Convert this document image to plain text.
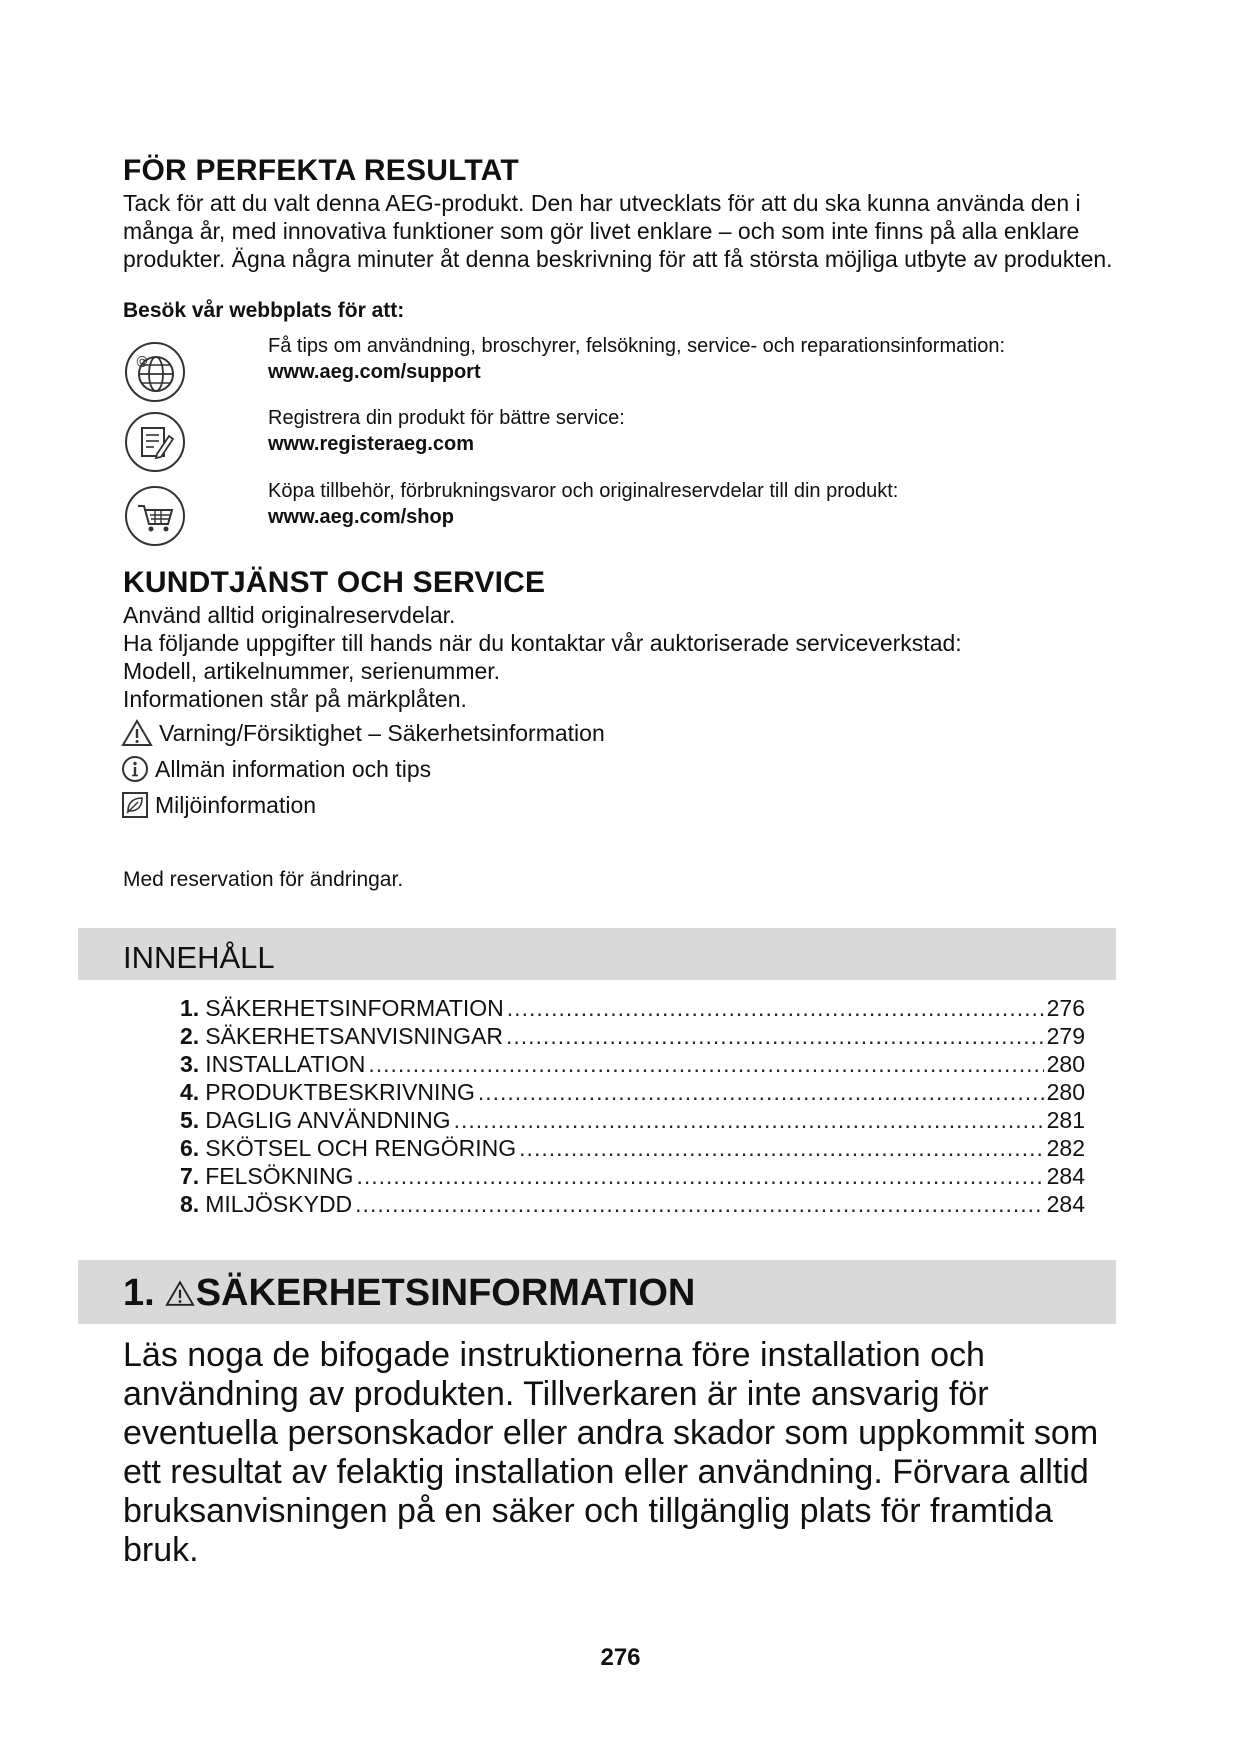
FÖR PERFEKTA RESULTAT
Tack för att du valt denna AEG-produkt. Den har utvecklats för att du ska kunna använda den i många år, med innovativa funktioner som gör livet enklare – och som inte finns på alla enklare produkter. Ägna några minuter åt denna beskrivning för att få största möjliga utbyte av produkten.
Besök vår webbplats för att:
@
Få tips om användning, broschyrer, felsökning, service- och reparationsinformation:
www.aeg.com/support
Registrera din produkt för bättre service:
www.registeraeg.com
Köpa tillbehör, förbrukningsvaror och originalreservdelar till din produkt:
www.aeg.com/shop
KUNDTJÄNST OCH SERVICE
Använd alltid originalreservdelar.
Ha följande uppgifter till hands när du kontaktar vår auktoriserade serviceverkstad:
Modell, artikelnummer, serienummer.
Informationen står på märkplåten.
Varning/Försiktighet – Säkerhetsinformation
Allmän information och tips
Miljöinformation
Med reservation för ändringar.
INNEHÅLL
1. SÄKERHETSINFORMATION .....	276
2. SÄKERHETSANVISNINGAR .....	279
3. INSTALLATION .....	280
4. PRODUKTBESKRIVNING .....	280
5. DAGLIG ANVÄNDNING .....	281
6. SKÖTSEL OCH RENGÖRING .....	282
7. FELSÖKNING .....	284
8. MILJÖSKYDD .....	284
1. SÄKERHETSINFORMATION
Läs noga de bifogade instruktionerna före installation och användning av produkten. Tillverkaren är inte ansvarig för eventuella personskador eller andra skador som uppkommit som ett resultat av felaktig installation eller användning. Förvara alltid bruksanvisningen på en säker och tillgänglig plats för framtida bruk.
276
